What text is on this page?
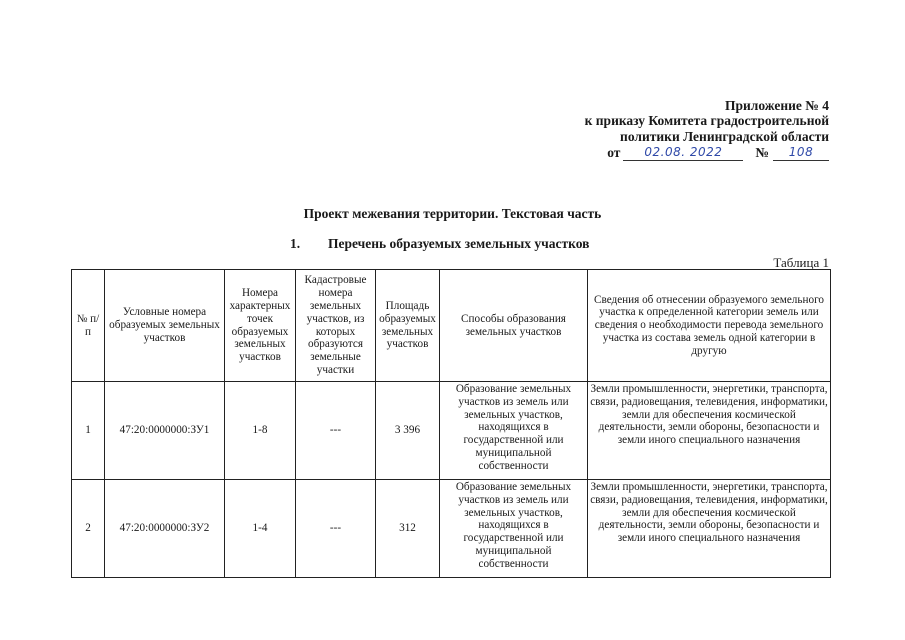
Приложение № 4
к приказу Комитета градостроительной
политики Ленинградской области
от	02.08. 2022	№	108
Проект межевания территории. Текстовая часть
1. Перечень образуемых земельных участков
Таблица 1
№ п/п	Условные номера образуемых земельных участков	Номера характерных точек образуемых земельных участков	Кадастровые номера земельных участков, из которых образуются земельные участки	Площадь образуемых земельных участков	Способы образования земельных участков	Сведения об отнесении образуемого земельного участка к определенной категории земель или сведения о необходимости перевода земельного участка из состава земель одной категории в другую
1	47:20:0000000:ЗУ1	1-8	---	3 396	Образование земельных участков из земель или земельных участков, находящихся в государственной или муниципальной собственности	Земли промышленности, энергетики, транспорта, связи, радиовещания, телевидения, информатики, земли для обеспечения космической деятельности, земли обороны, безопасности и земли иного специального назначения
2	47:20:0000000:ЗУ2	1-4	---	312	Образование земельных участков из земель или земельных участков, находящихся в государственной или муниципальной собственности	Земли промышленности, энергетики, транспорта, связи, радиовещания, телевидения, информатики, земли для обеспечения космической деятельности, земли обороны, безопасности и земли иного специального назначения
